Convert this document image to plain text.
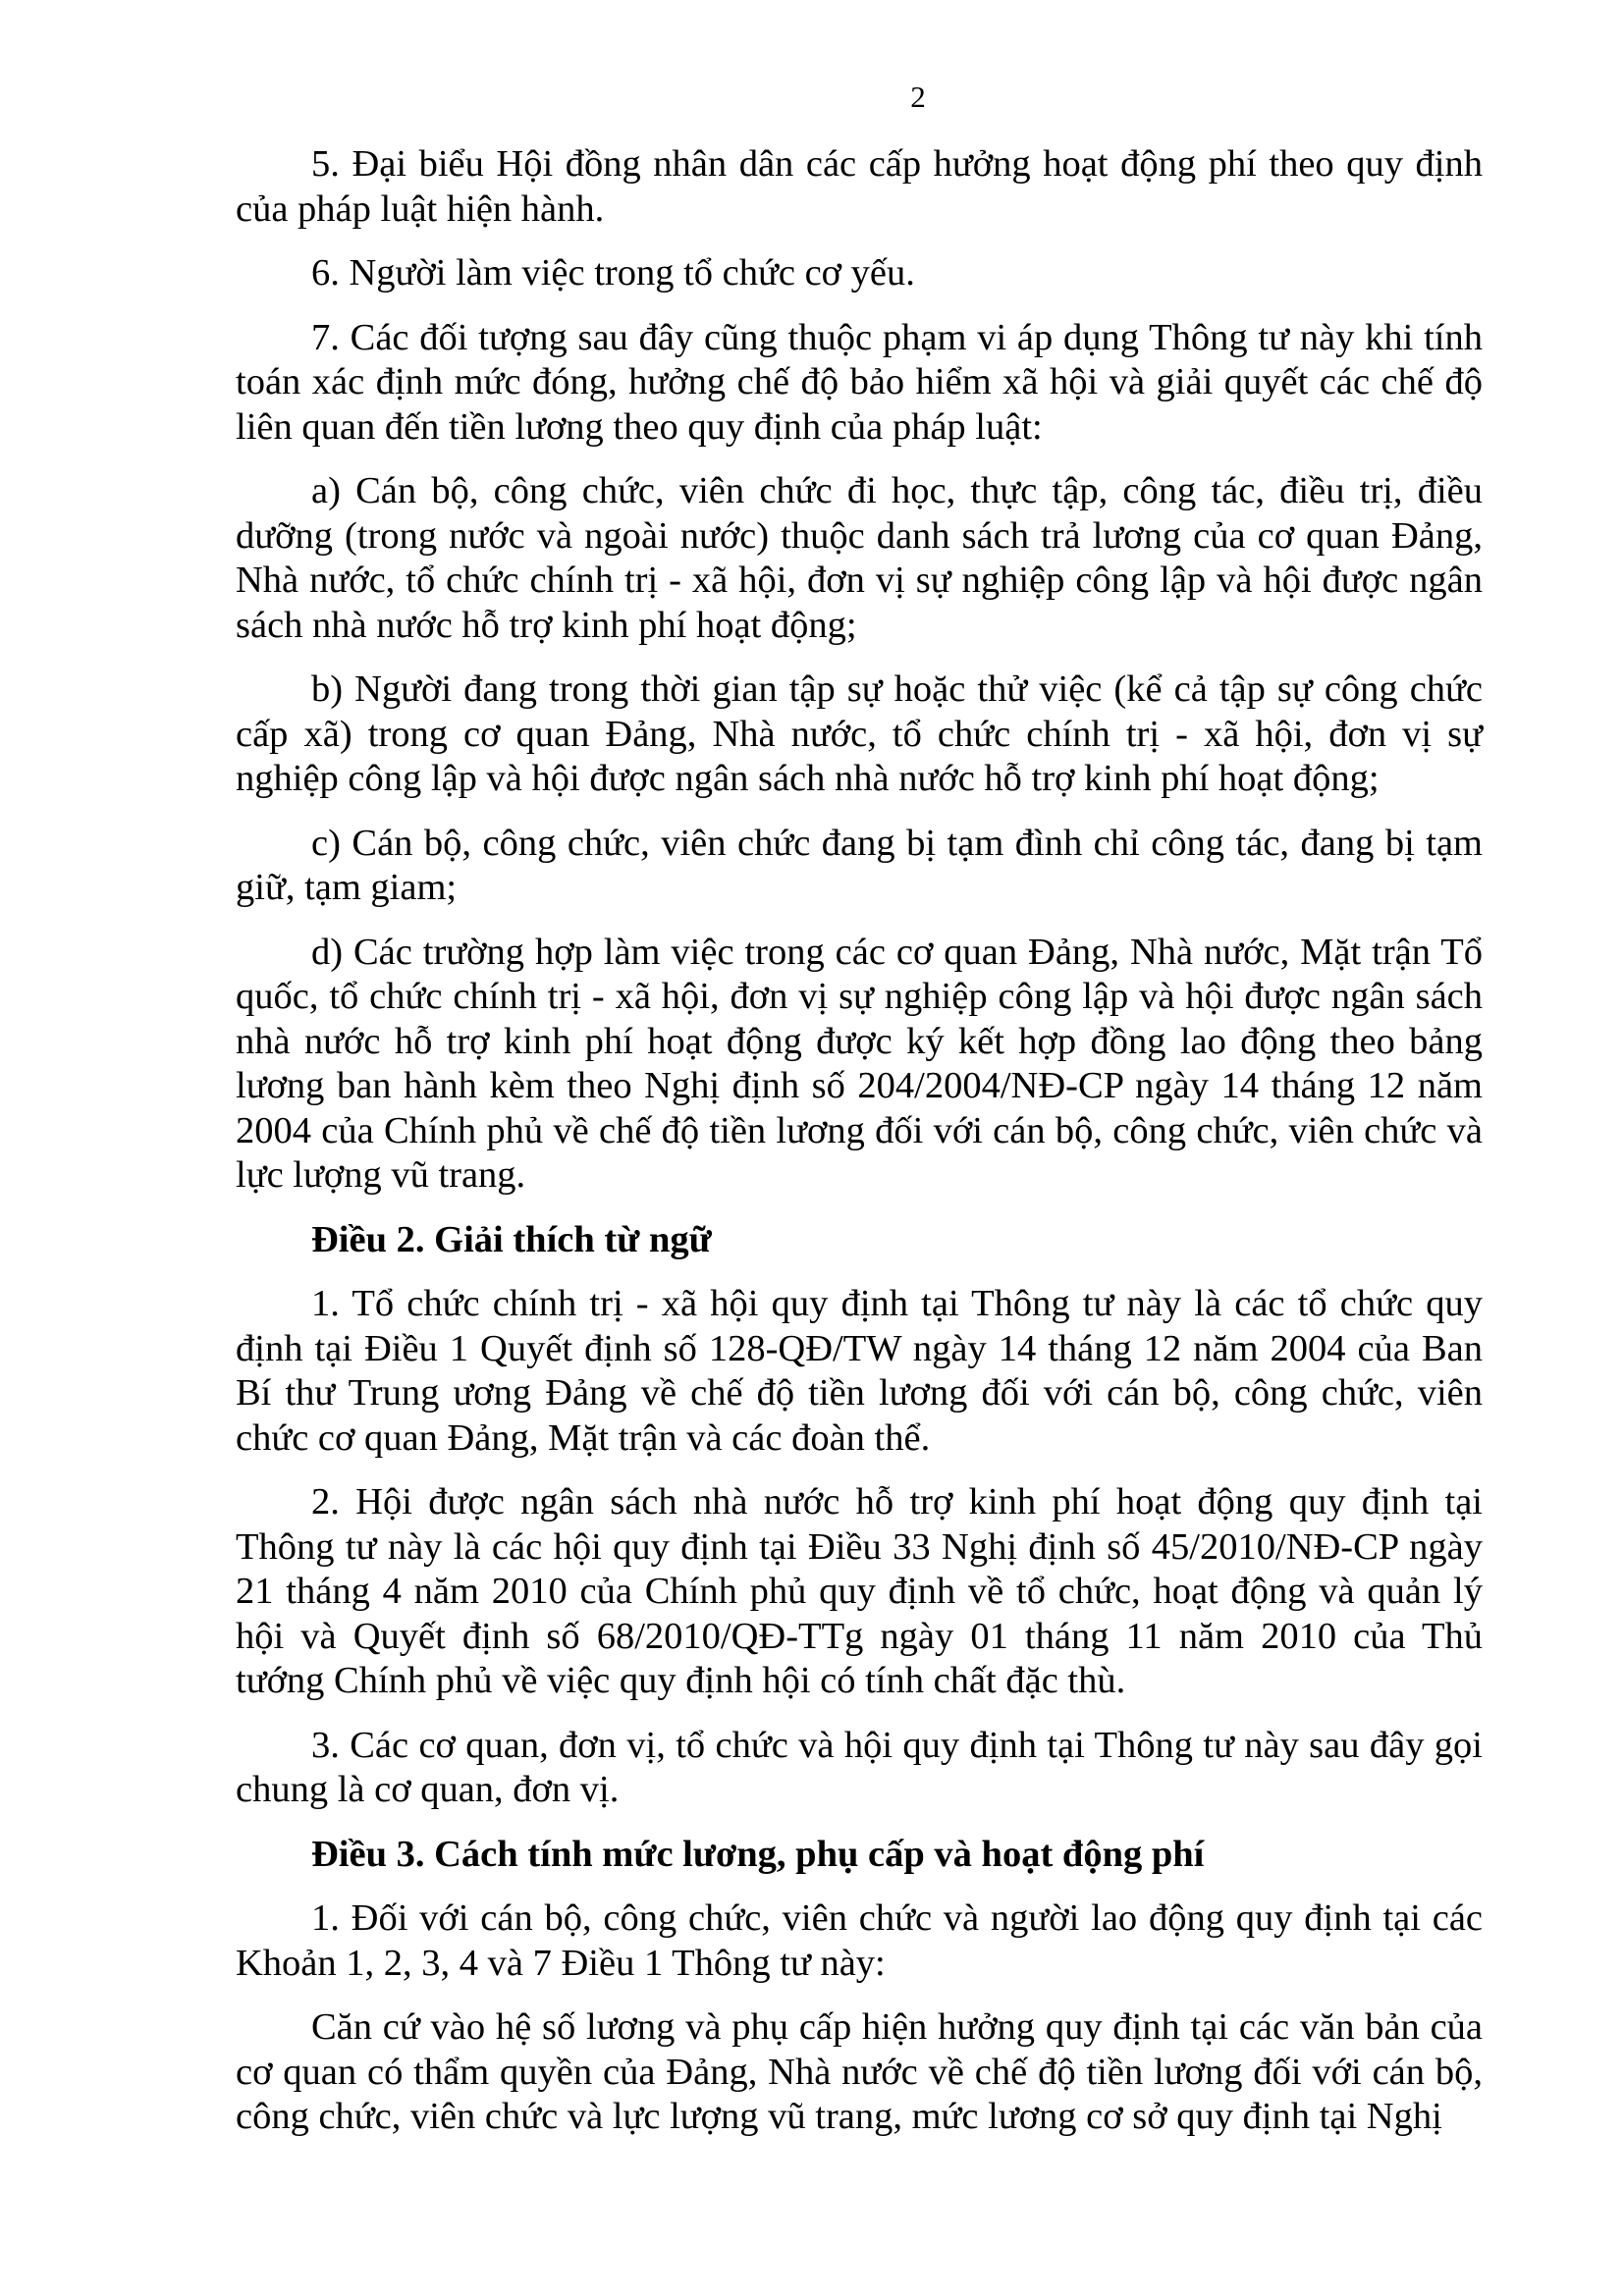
2

5. Đại biểu Hội đồng nhân dân các cấp hưởng hoạt động phí theo quy định của pháp luật hiện hành.

6. Người làm việc trong tổ chức cơ yếu.

7. Các đối tượng sau đây cũng thuộc phạm vi áp dụng Thông tư này khi tính toán xác định mức đóng, hưởng chế độ bảo hiểm xã hội và giải quyết các chế độ liên quan đến tiền lương theo quy định của pháp luật:

a) Cán bộ, công chức, viên chức đi học, thực tập, công tác, điều trị, điều dưỡng (trong nước và ngoài nước) thuộc danh sách trả lương của cơ quan Đảng, Nhà nước, tổ chức chính trị - xã hội, đơn vị sự nghiệp công lập và hội được ngân sách nhà nước hỗ trợ kinh phí hoạt động;

b) Người đang trong thời gian tập sự hoặc thử việc (kể cả tập sự công chức cấp xã) trong cơ quan Đảng, Nhà nước, tổ chức chính trị - xã hội, đơn vị sự nghiệp công lập và hội được ngân sách nhà nước hỗ trợ kinh phí hoạt động;

c) Cán bộ, công chức, viên chức đang bị tạm đình chỉ công tác, đang bị tạm giữ, tạm giam;

d) Các trường hợp làm việc trong các cơ quan Đảng, Nhà nước, Mặt trận Tổ quốc, tổ chức chính trị - xã hội, đơn vị sự nghiệp công lập và hội được ngân sách nhà nước hỗ trợ kinh phí hoạt động được ký kết hợp đồng lao động theo bảng lương ban hành kèm theo Nghị định số 204/2004/NĐ-CP ngày 14 tháng 12 năm 2004 của Chính phủ về chế độ tiền lương đối với cán bộ, công chức, viên chức và lực lượng vũ trang.

Điều 2. Giải thích từ ngữ

1. Tổ chức chính trị - xã hội quy định tại Thông tư này là các tổ chức quy định tại Điều 1 Quyết định số 128-QĐ/TW ngày 14 tháng 12 năm 2004 của Ban Bí thư Trung ương Đảng về chế độ tiền lương đối với cán bộ, công chức, viên chức cơ quan Đảng, Mặt trận và các đoàn thể.

2. Hội được ngân sách nhà nước hỗ trợ kinh phí hoạt động quy định tại Thông tư này là các hội quy định tại Điều 33 Nghị định số 45/2010/NĐ-CP ngày 21 tháng 4 năm 2010 của Chính phủ quy định về tổ chức, hoạt động và quản lý hội và Quyết định số 68/2010/QĐ-TTg ngày 01 tháng 11 năm 2010 của Thủ tướng Chính phủ về việc quy định hội có tính chất đặc thù.

3. Các cơ quan, đơn vị, tổ chức và hội quy định tại Thông tư này sau đây gọi chung là cơ quan, đơn vị.

Điều 3. Cách tính mức lương, phụ cấp và hoạt động phí

1. Đối với cán bộ, công chức, viên chức và người lao động quy định tại các Khoản 1, 2, 3, 4 và 7 Điều 1 Thông tư này:

Căn cứ vào hệ số lương và phụ cấp hiện hưởng quy định tại các văn bản của cơ quan có thẩm quyền của Đảng, Nhà nước về chế độ tiền lương đối với cán bộ, công chức, viên chức và lực lượng vũ trang, mức lương cơ sở quy định tại Nghị
